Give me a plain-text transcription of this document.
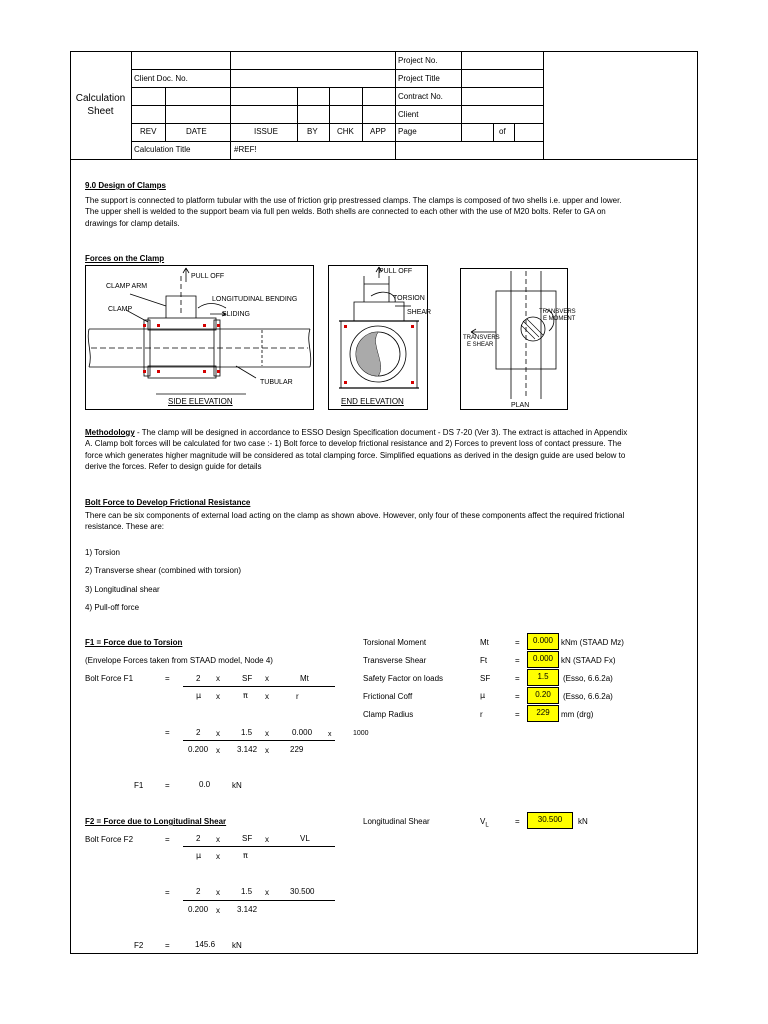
Calculation Sheet
Project No.
Client Doc. No.	Project Title
Contract No.
Client
REV	DATE	ISSUE	BY CHK APP Page	of
Calculation Title	#REF!
9.0 Design of Clamps
The support is connected to platform tubular with the use of friction grip prestressed clamps. The clamps is composed of two shells i.e. upper and lower. The upper shell is welded to the support beam via full pen welds. Both shells are connected to each other with the use of M20 bolts. Refer to GA on drawings for clamp details.
Forces on the Clamp
CLAMP ARM
PULL OFF
LONGITUDINAL BENDING
CLAMP
SLIDING
TUBULAR
SIDE ELEVATION
PULL OFF
TORSION
SHEAR
END ELEVATION
TRANSVERS
E MOMENT
TRANSVERS
E SHEAR
PLAN
Methodology - The clamp will be designed in accordance to ESSO Design Specification document - DS 7-20 (Ver 3). The extract is attached in Appendix A. Clamp bolt forces will be calculated for two case :- 1) Bolt force to develop frictional resistance and 2) Forces to prevent loss of contact pressure. The force which generates higher magnitude will be considered as total clamping force. Simplified equations as derived in the design guide are used below to derive the forces. Refer to design guide for details
Bolt Force to Develop Frictional Resistance
There can be six components of external load acting on the clamp as shown above. However, only four of these components affect the required frictional resistance. These are:
1) Torsion
2) Transverse shear (combined with torsion)
3) Longitudinal shear
4) Pull-off force
F1 = Force due to Torsion
(Envelope Forces taken from STAAD model, Node 4)
Bolt Force F1	=	2 x	SF x	Mt
µ x	π x	r
=	2 x	1.5 x	0.000 x	1000
0.200 x 3.142 x	229
F1	=	0.0	kN
Torsional Moment	Mt	=	0.000 kNm (STAAD Mz)
Transverse Shear	Ft	=	0.000 kN (STAAD Fx)
Safety Factor on loads	SF	=	1.5	(Esso, 6.6.2a)
Frictional Coff	µ	=	0.20	(Esso, 6.6.2a)
Clamp Radius	r	=	229	mm (drg)
F2 = Force due to Longitudinal Shear
Bolt Force F2	=	2 x	SF x	VL
µ x	π
=	2 x	1.5 x	30.500
0.200 x 3.142
F2	=	145.6 kN
Longitudinal Shear	$V_L$	=	30.500	kN
